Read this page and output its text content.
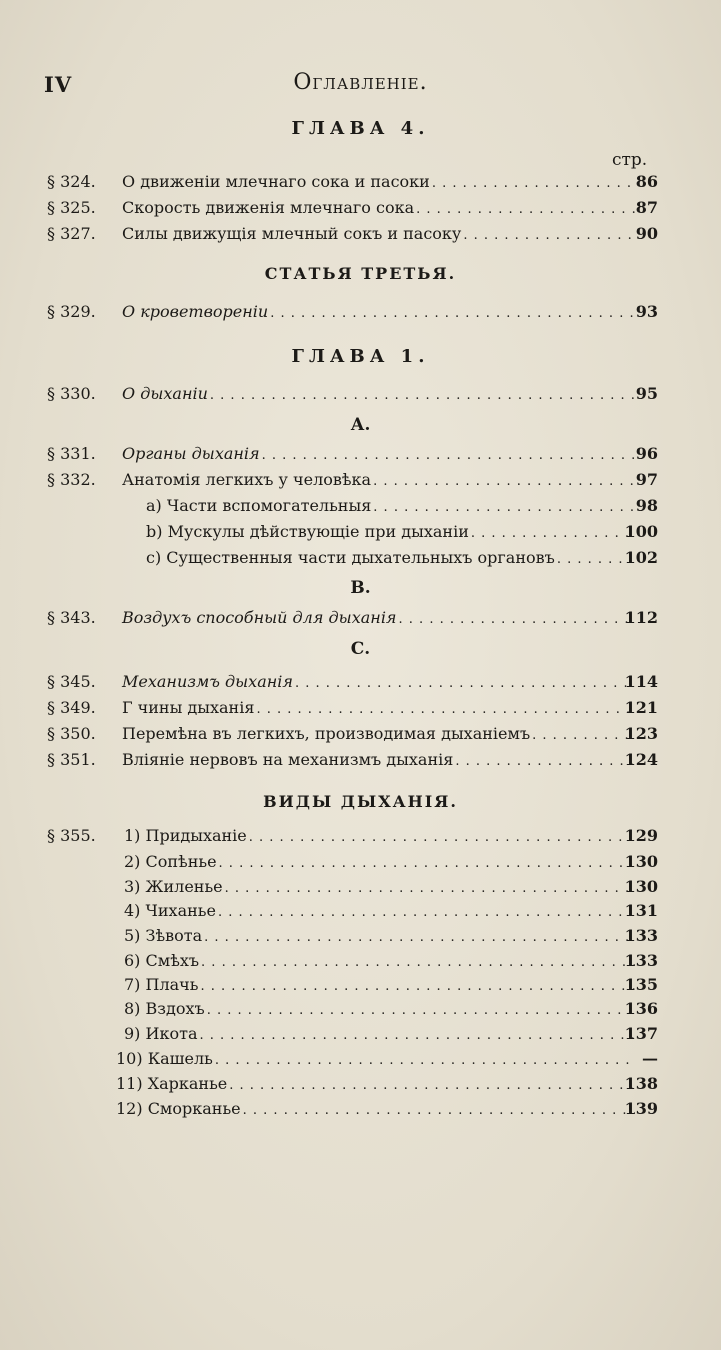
IV	Оглавленіе.
ГЛАВА 4.
стр.
§ 324. О движеніи млечнаго сока и пасоки . . .	86
§ 325. Скорость движенія млечнаго сока . . .	87
§ 327. Силы движущія млечный сокъ и пасоку . . .	90
СТАТЬЯ ТРЕТЬЯ.
§ 329. О кроветвореніи . . .	93
ГЛАВА 1.
§ 330. О дыханіи . . .	95
А.
§ 331. Органы дыханія . . .	96
§ 332. Анатомія легкихъ у человѣка . . .	97
a) Части вспомогательныя . . .	98
b) Мускулы дѣйствующіе при дыханіи . . .	100
c) Существенныя части дыхательныхъ органовъ . . .	102
В.
§ 343. Воздухъ способный для дыханія . . .	112
С.
§ 345. Механизмъ дыханія . . .	114
§ 349. Г чины дыханія . . .	121
§ 350. Перемѣна въ легкихъ, производимая дыханіемъ . . .	123
§ 351. Вліяніе нервовъ на механизмъ дыханія . . .	124
ВИДЫ ДЫХАНІЯ.
§ 355. 1) Придыханіе . . .	129
2) Сопѣнье . . .	130
3) Жиленье . . .	130
4) Чиханье . . .	131
5) Зѣвота . . .	133
6) Смѣхъ . . .	133
7) Плачь . . .	135
8) Вздохъ . . .	136
9) Икота . . .	137
10) Кашель . . .	—
11) Харканье . . .	138
12) Сморканье . . .	139
